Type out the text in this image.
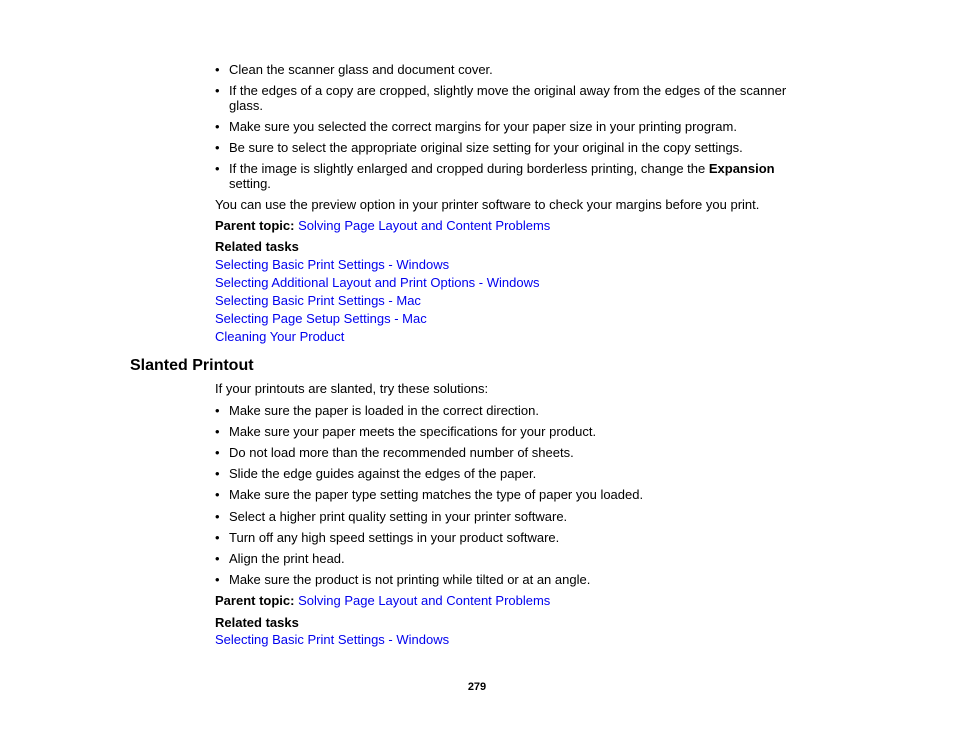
• Clean the scanner glass and document cover.
• If the edges of a copy are cropped, slightly move the original away from the edges of the scanner glass.
• Make sure you selected the correct margins for your paper size in your printing program.
• Be sure to select the appropriate original size setting for your original in the copy settings.
• If the image is slightly enlarged and cropped during borderless printing, change the Expansion setting.
You can use the preview option in your printer software to check your margins before you print.
Parent topic: Solving Page Layout and Content Problems
Related tasks
Selecting Basic Print Settings - Windows
Selecting Additional Layout and Print Options - Windows
Selecting Basic Print Settings - Mac
Selecting Page Setup Settings - Mac
Cleaning Your Product
Slanted Printout
If your printouts are slanted, try these solutions:
• Make sure the paper is loaded in the correct direction.
• Make sure your paper meets the specifications for your product.
• Do not load more than the recommended number of sheets.
• Slide the edge guides against the edges of the paper.
• Make sure the paper type setting matches the type of paper you loaded.
• Select a higher print quality setting in your printer software.
• Turn off any high speed settings in your product software.
• Align the print head.
• Make sure the product is not printing while tilted or at an angle.
Parent topic: Solving Page Layout and Content Problems
Related tasks
Selecting Basic Print Settings - Windows
279
